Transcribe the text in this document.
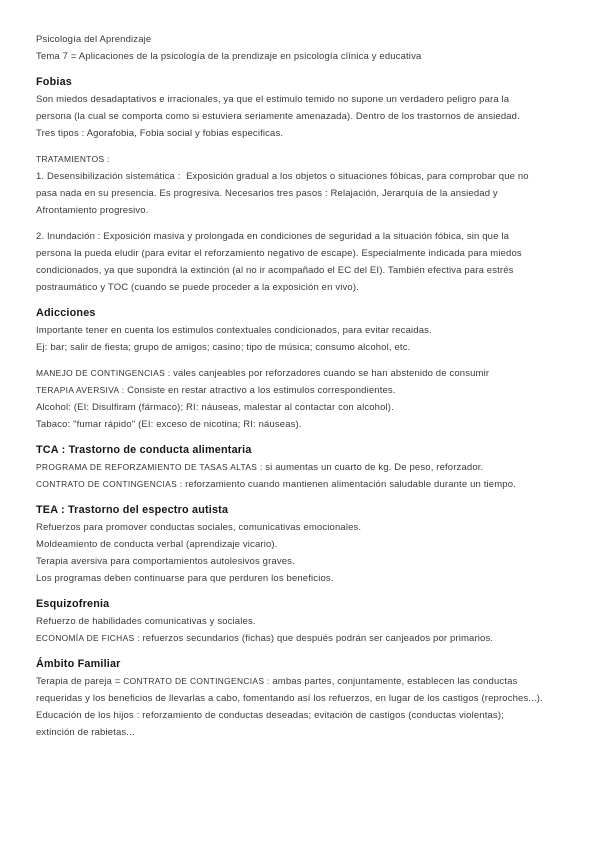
Psicología del Aprendizaje
Tema 7 = Aplicaciones de la psicología de la prendizaje en psicología clínica y educativa
Fobias
Son miedos desadaptativos e irracionales, ya que el estimulo temido no supone un verdadero peligro para la
persona (la cual se comporta como si estuviera seriamente amenazada). Dentro de los trastornos de ansiedad.
Tres tipos : Agorafobia, Fobia social y fobias especificas.
TRATAMIENTOS :
1. Desensibilización sistemática :  Exposición gradual a los objetos o situaciones fóbicas, para comprobar que no
pasa nada en su presencia. Es progresiva. Necesarios tres pasos : Relajación, Jerarquía de la ansiedad y
Afrontamiento progresivo.
2. Inundación : Exposición masiva y prolongada en condiciones de seguridad a la situación fóbica, sin que la
persona la pueda eludir (para evitar el reforzamiento negativo de escape). Especialmente indicada para miedos
condicionados, ya que supondrá la extinción (al no ir acompañado el EC del EI). También efectiva para estrés
postraumático y TOC (cuando se puede proceder a la exposición en vivo).
Adicciones
Importante tener en cuenta los estimulos contextuales condicionados, para evitar recaidas.
Ej: bar; salir de fiesta; grupo de amigos; casino; tipo de música; consumo alcohol, etc.
MANEJO DE CONTINGENCIAS : vales canjeables por reforzadores cuando se han abstenido de consumir
TERAPIA AVERSIVA : Consiste en restar atractivo a los estimulos correspondientes.
Alcohol: (EI: Disulfiram (fármaco); RI: náuseas, malestar al contactar con alcohol).
Tabaco: "fumar rápido" (EI: exceso de nicotina; RI: náuseas).
TCA : Trastorno de conducta alimentaria
PROGRAMA DE REFORZAMIENTO DE TASAS ALTAS : si aumentas un cuarto de kg. De peso, reforzador.
CONTRATO DE CONTINGENCIAS : reforzamiento cuando mantienen alimentación saludable durante un tiempo.
TEA : Trastorno del espectro autista
Refuerzos para promover conductas sociales, comunicativas emocionales.
Moldeamiento de conducta verbal (aprendizaje vicario).
Terapia aversiva para comportamientos autolesivos graves.
Los programas deben continuarse para que perduren los beneficios.
Esquizofrenia
Refuerzo de habilidades comunicativas y sociales.
ECONOMÍA DE FICHAS : refuerzos secundarios (fichas) que después podrán ser canjeados por primarios.
Ámbito Familiar
Terapia de pareja = CONTRATO DE CONTINGENCIAS : ambas partes, conjuntamente, establecen las conductas
requeridas y los beneficios de llevarlas a cabo, fomentando así los refuerzos, en lugar de los castigos (reproches...).
Educación de los hijos : reforzamiento de conductas deseadas; evitación de castigos (conductas violentas);
extinción de rabietas...
